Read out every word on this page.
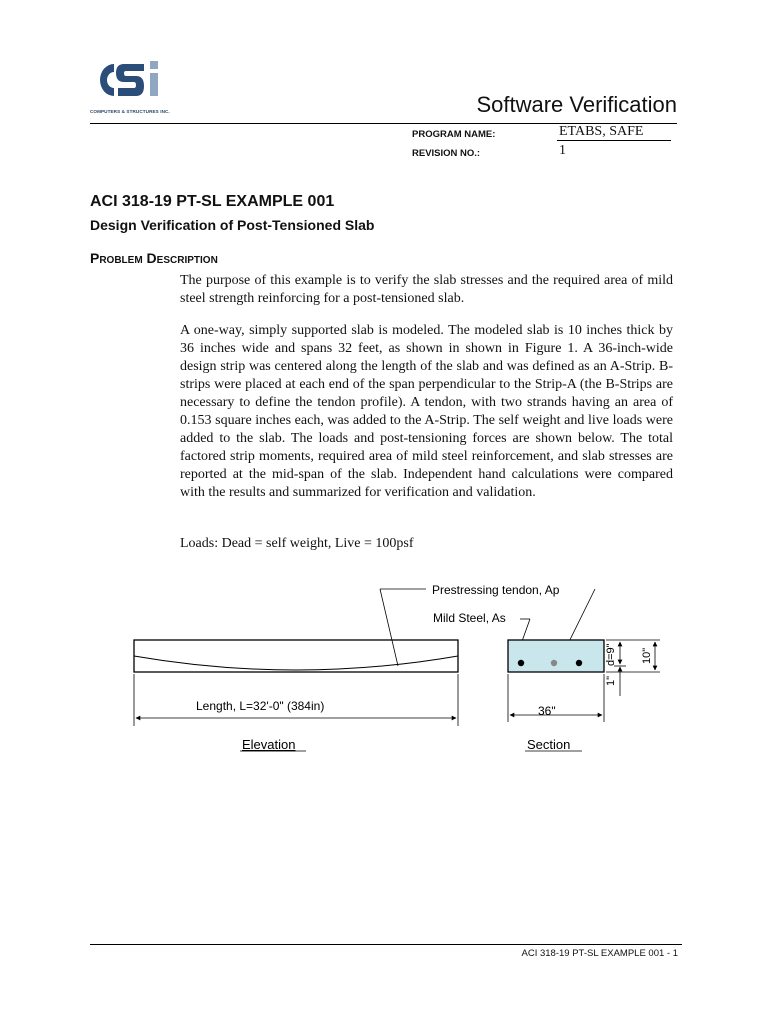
COMPUTERS & STRUCTURES INC.	Software Verification
PROGRAM NAME:	ETABS, SAFE
REVISION NO.:	1
ACI 318-19 PT-SL EXAMPLE 001
Design Verification of Post-Tensioned Slab
Problem Description
The purpose of this example is to verify the slab stresses and the required area of mild steel strength reinforcing for a post-tensioned slab.
A one-way, simply supported slab is modeled. The modeled slab is 10 inches thick by 36 inches wide and spans 32 feet, as shown in shown in Figure 1. A 36-inch-wide design strip was centered along the length of the slab and was defined as an A-Strip. B-strips were placed at each end of the span perpendicular to the Strip-A (the B-Strips are necessary to define the tendon profile). A tendon, with two strands having an area of 0.153 square inches each, was added to the A-Strip. The self weight and live loads were added to the slab. The loads and post-tensioning forces are shown below. The total factored strip moments, required area of mild steel reinforcement, and slab stresses are reported at the mid-span of the slab. Independent hand calculations were compared with the results and summarized for verification and validation.
Loads: Dead = self weight, Live = 100psf
Length, L=32'-0" (384in)
Prestressing tendon, Ap
Mild Steel, As
36"
d=9" 10"
1"
Elevation	Section
ACI 318-19 PT-SL EXAMPLE 001 - 1
